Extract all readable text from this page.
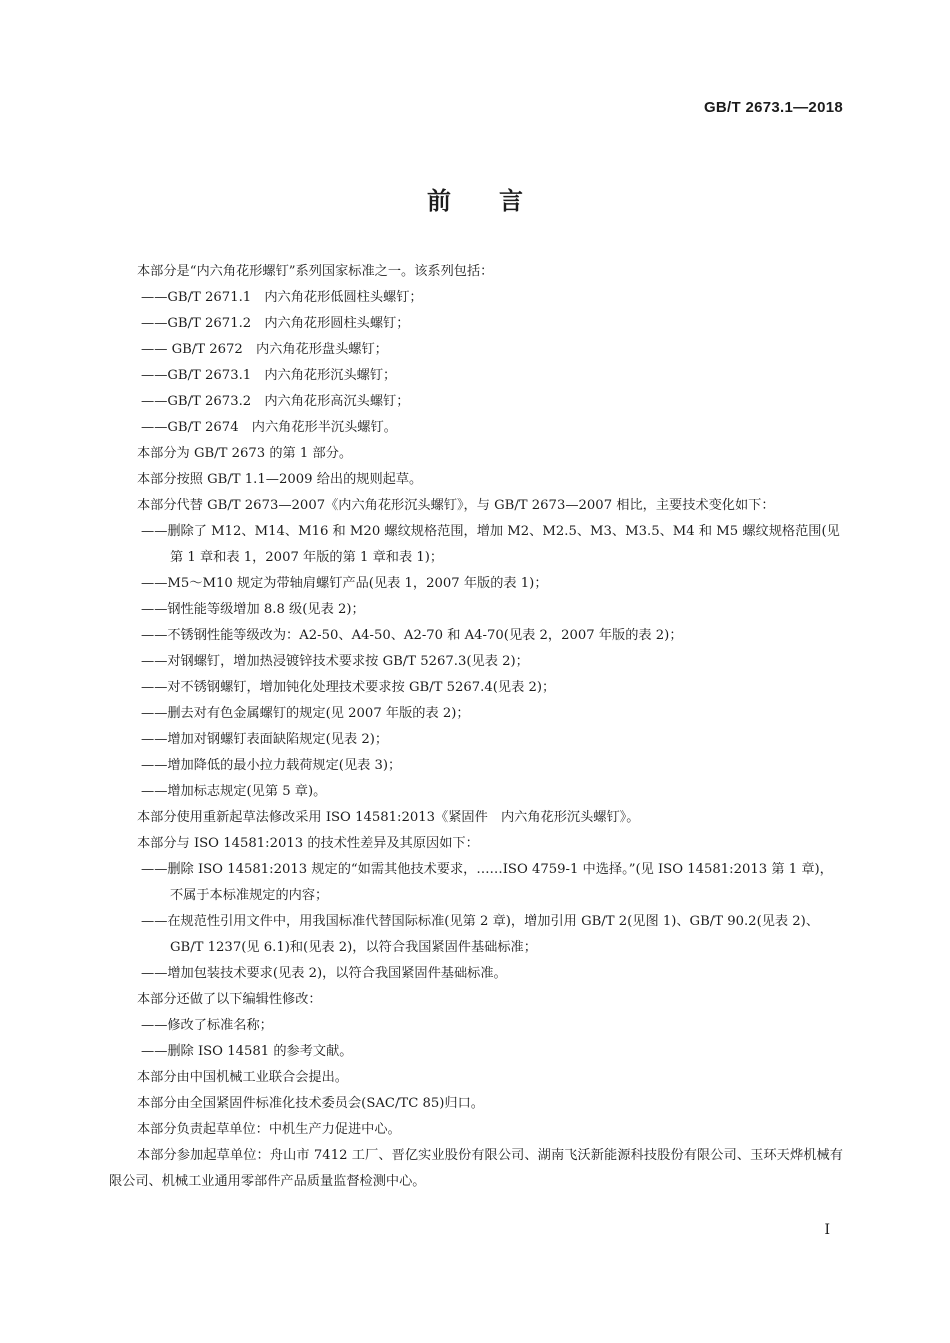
GB/T 2673.1—2018
前言

本部分是“内六角花形螺钉”系列国家标准之一。该系列包括：

——GB/T 2671.1　内六角花形低圆柱头螺钉；

——GB/T 2671.2　内六角花形圆柱头螺钉；

—— GB/T 2672　内六角花形盘头螺钉；

——GB/T 2673.1　内六角花形沉头螺钉；

——GB/T 2673.2　内六角花形高沉头螺钉；

——GB/T 2674　内六角花形半沉头螺钉。

本部分为 GB/T 2673 的第 1 部分。

本部分按照 GB/T 1.1—2009 给出的规则起草。

本部分代替 GB/T 2673—2007《内六角花形沉头螺钉》，与 GB/T 2673—2007 相比，主要技术变化如下：

——删除了 M12、M14、M16 和 M20 螺纹规格范围，增加 M2、M2.5、M3、M3.5、M4 和 M5 螺纹规格范围(见第 1 章和表 1，2007 年版的第 1 章和表 1)；

——M5～M10 规定为带轴肩螺钉产品(见表 1，2007 年版的表 1)；

——钢性能等级增加 8.8 级(见表 2)；

——不锈钢性能等级改为：A2-50、A4-50、A2-70 和 A4-70(见表 2，2007 年版的表 2)；

——对钢螺钉，增加热浸镀锌技术要求按 GB/T 5267.3(见表 2)；

——对不锈钢螺钉，增加钝化处理技术要求按 GB/T 5267.4(见表 2)；

——删去对有色金属螺钉的规定(见 2007 年版的表 2)；

——增加对钢螺钉表面缺陷规定(见表 2)；

——增加降低的最小拉力载荷规定(见表 3)；

——增加标志规定(见第 5 章)。

本部分使用重新起草法修改采用 ISO 14581:2013《紧固件　内六角花形沉头螺钉》。

本部分与 ISO 14581:2013 的技术性差异及其原因如下：

——删除 ISO 14581:2013 规定的“如需其他技术要求，……ISO 4759-1 中选择。”(见 ISO 14581:2013 第 1 章)，不属于本标准规定的内容；

——在规范性引用文件中，用我国标准代替国际标准(见第 2 章)，增加引用 GB/T 2(见图 1)、GB/T 90.2(见表 2)、GB/T 1237(见 6.1)和(见表 2)，以符合我国紧固件基础标准；

——增加包装技术要求(见表 2)，以符合我国紧固件基础标准。

本部分还做了以下编辑性修改：

——修改了标准名称；

——删除 ISO 14581 的参考文献。

本部分由中国机械工业联合会提出。

本部分由全国紧固件标准化技术委员会(SAC/TC 85)归口。

本部分负责起草单位：中机生产力促进中心。

本部分参加起草单位：舟山市 7412 工厂、晋亿实业股份有限公司、湖南飞沃新能源科技股份有限公司、玉环天烨机械有限公司、机械工业通用零部件产品质量监督检测中心。

I
